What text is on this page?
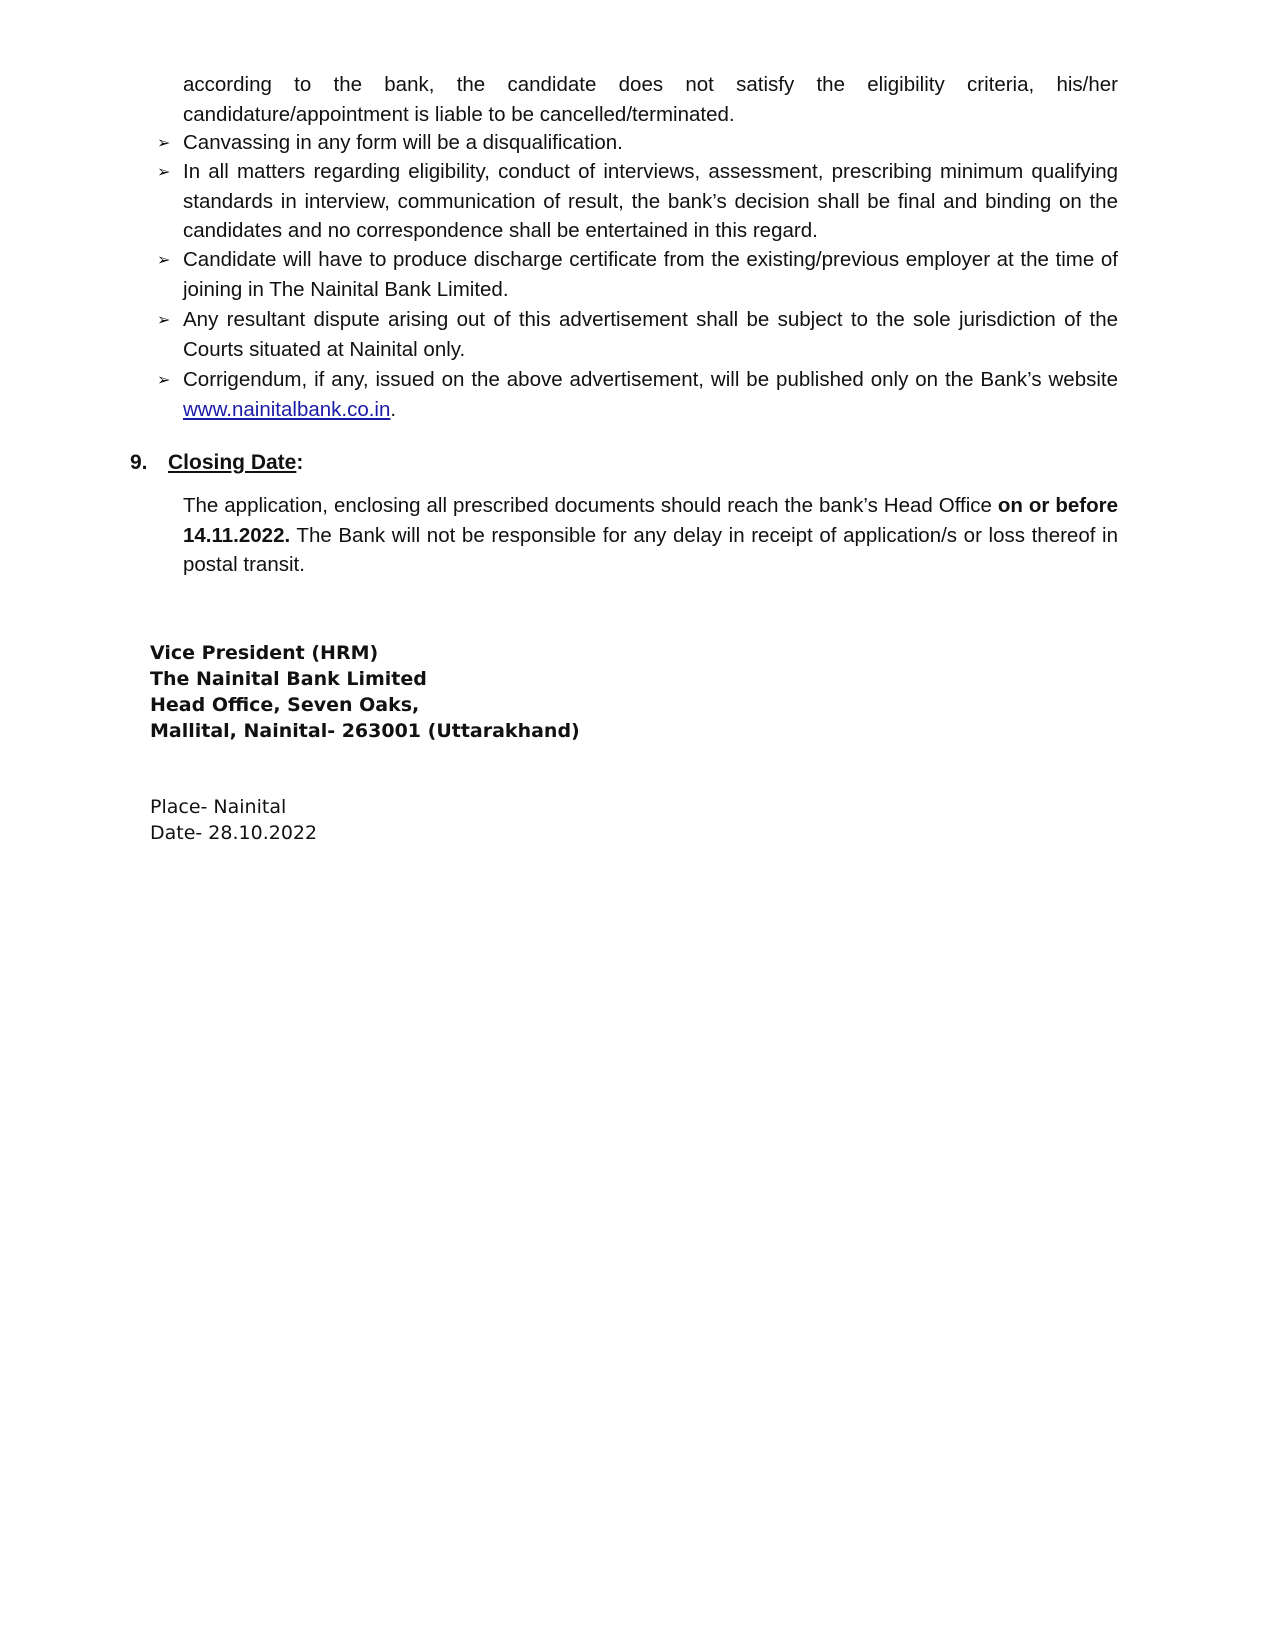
according to the bank, the candidate does not satisfy the eligibility criteria, his/her candidature/appointment is liable to be cancelled/terminated.
➢ Canvassing in any form will be a disqualification.
➢ In all matters regarding eligibility, conduct of interviews, assessment, prescribing minimum qualifying standards in interview, communication of result, the bank’s decision shall be final and binding on the candidates and no correspondence shall be entertained in this regard.
➢ Candidate will have to produce discharge certificate from the existing/previous employer at the time of joining in The Nainital Bank Limited.
➢ Any resultant dispute arising out of this advertisement shall be subject to the sole jurisdiction of the Courts situated at Nainital only.
➢ Corrigendum, if any, issued on the above advertisement, will be published only on the Bank’s website www.nainitalbank.co.in.
9. Closing Date:
The application, enclosing all prescribed documents should reach the bank’s Head Office on or before 14.11.2022. The Bank will not be responsible for any delay in receipt of application/s or loss thereof in postal transit.
Vice President (HRM)
The Nainital Bank Limited
Head Office, Seven Oaks,
Mallital, Nainital- 263001 (Uttarakhand)
Place- Nainital
Date- 28.10.2022
